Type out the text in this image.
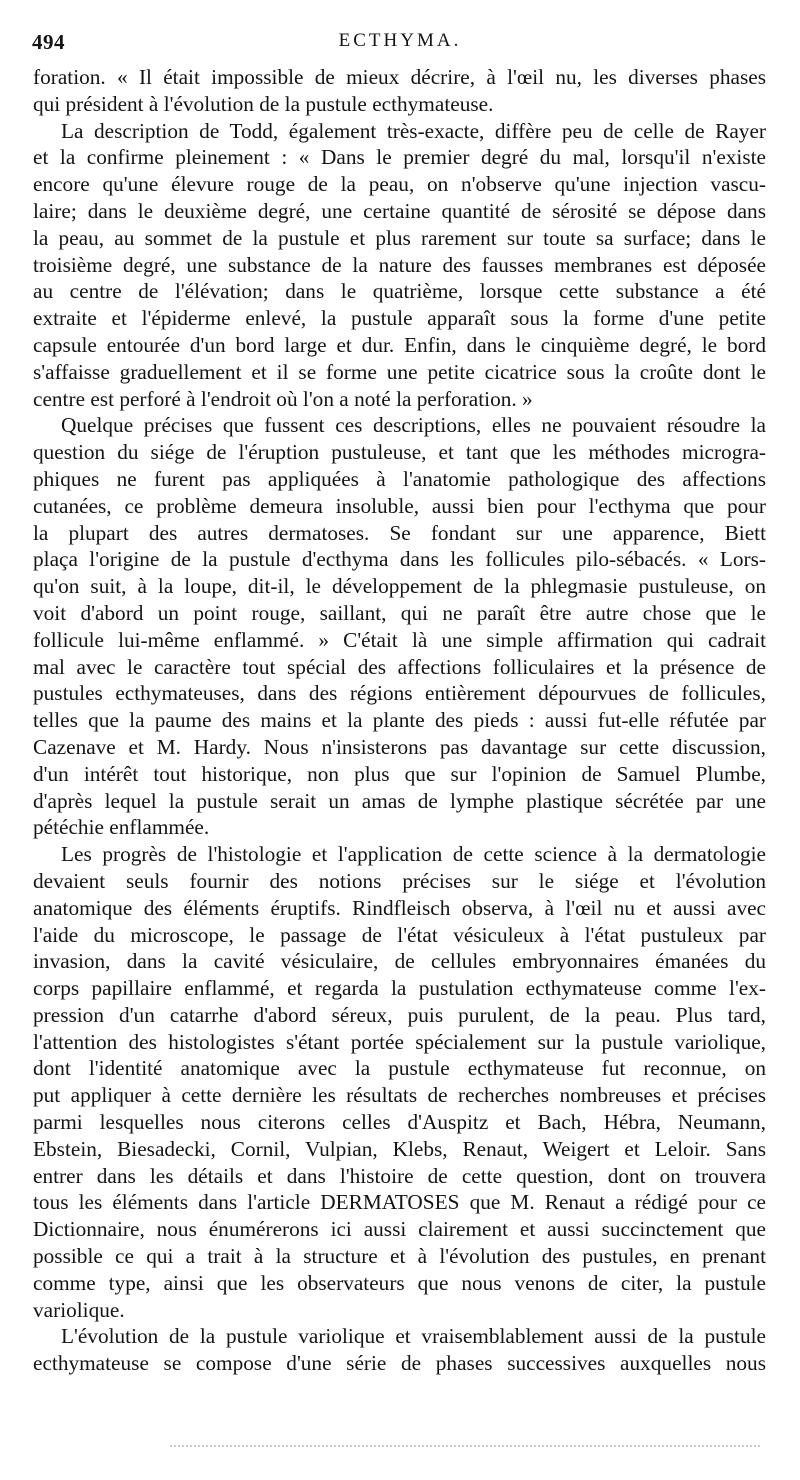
494	ECTHYMA.
foration. « Il était impossible de mieux décrire, à l'œil nu, les diverses phases
qui président à l'évolution de la pustule ecthymateuse.
La description de Todd, également très-exacte, diffère peu de celle de Rayer
et la confirme pleinement : « Dans le premier degré du mal, lorsqu'il n'existe
encore qu'une élevure rouge de la peau, on n'observe qu'une injection vascu-
laire; dans le deuxième degré, une certaine quantité de sérosité se dépose dans
la peau, au sommet de la pustule et plus rarement sur toute sa surface; dans le
troisième degré, une substance de la nature des fausses membranes est déposée
au centre de l'élévation; dans le quatrième, lorsque cette substance a été
extraite et l'épiderme enlevé, la pustule apparaît sous la forme d'une petite
capsule entourée d'un bord large et dur. Enfin, dans le cinquième degré, le bord
s'affaisse graduellement et il se forme une petite cicatrice sous la croûte dont le
centre est perforé à l'endroit où l'on a noté la perforation. »
Quelque précises que fussent ces descriptions, elles ne pouvaient résoudre la
question du siége de l'éruption pustuleuse, et tant que les méthodes microgra-
phiques ne furent pas appliquées à l'anatomie pathologique des affections
cutanées, ce problème demeura insoluble, aussi bien pour l'ecthyma que pour
la plupart des autres dermatoses. Se fondant sur une apparence, Biett
plaça l'origine de la pustule d'ecthyma dans les follicules pilo-sébacés. « Lors-
qu'on suit, à la loupe, dit-il, le développement de la phlegmasie pustuleuse, on
voit d'abord un point rouge, saillant, qui ne paraît être autre chose que le
follicule lui-même enflammé. » C'était là une simple affirmation qui cadrait
mal avec le caractère tout spécial des affections folliculaires et la présence de
pustules ecthymateuses, dans des régions entièrement dépourvues de follicules,
telles que la paume des mains et la plante des pieds : aussi fut-elle réfutée par
Cazenave et M. Hardy. Nous n'insisterons pas davantage sur cette discussion,
d'un intérêt tout historique, non plus que sur l'opinion de Samuel Plumbe,
d'après lequel la pustule serait un amas de lymphe plastique sécrétée par une
pétéchie enflammée.
Les progrès de l'histologie et l'application de cette science à la dermatologie
devaient seuls fournir des notions précises sur le siége et l'évolution
anatomique des éléments éruptifs. Rindfleisch observa, à l'œil nu et aussi avec
l'aide du microscope, le passage de l'état vésiculeux à l'état pustuleux par
invasion, dans la cavité vésiculaire, de cellules embryonnaires émanées du
corps papillaire enflammé, et regarda la pustulation ecthymateuse comme l'ex-
pression d'un catarrhe d'abord séreux, puis purulent, de la peau. Plus tard,
l'attention des histologistes s'étant portée spécialement sur la pustule variolique,
dont l'identité anatomique avec la pustule ecthymateuse fut reconnue, on
put appliquer à cette dernière les résultats de recherches nombreuses et précises
parmi lesquelles nous citerons celles d'Auspitz et Bach, Hébra, Neumann,
Ebstein, Biesadecki, Cornil, Vulpian, Klebs, Renaut, Weigert et Leloir. Sans
entrer dans les détails et dans l'histoire de cette question, dont on trouvera
tous les éléments dans l'article DERMATOSES que M. Renaut a rédigé pour ce
Dictionnaire, nous énumérerons ici aussi clairement et aussi succinctement que
possible ce qui a trait à la structure et à l'évolution des pustules, en prenant
comme type, ainsi que les observateurs que nous venons de citer, la pustule
variolique.
L'évolution de la pustule variolique et vraisemblablement aussi de la pustule
ecthymateuse se compose d'une série de phases successives auxquelles nous
